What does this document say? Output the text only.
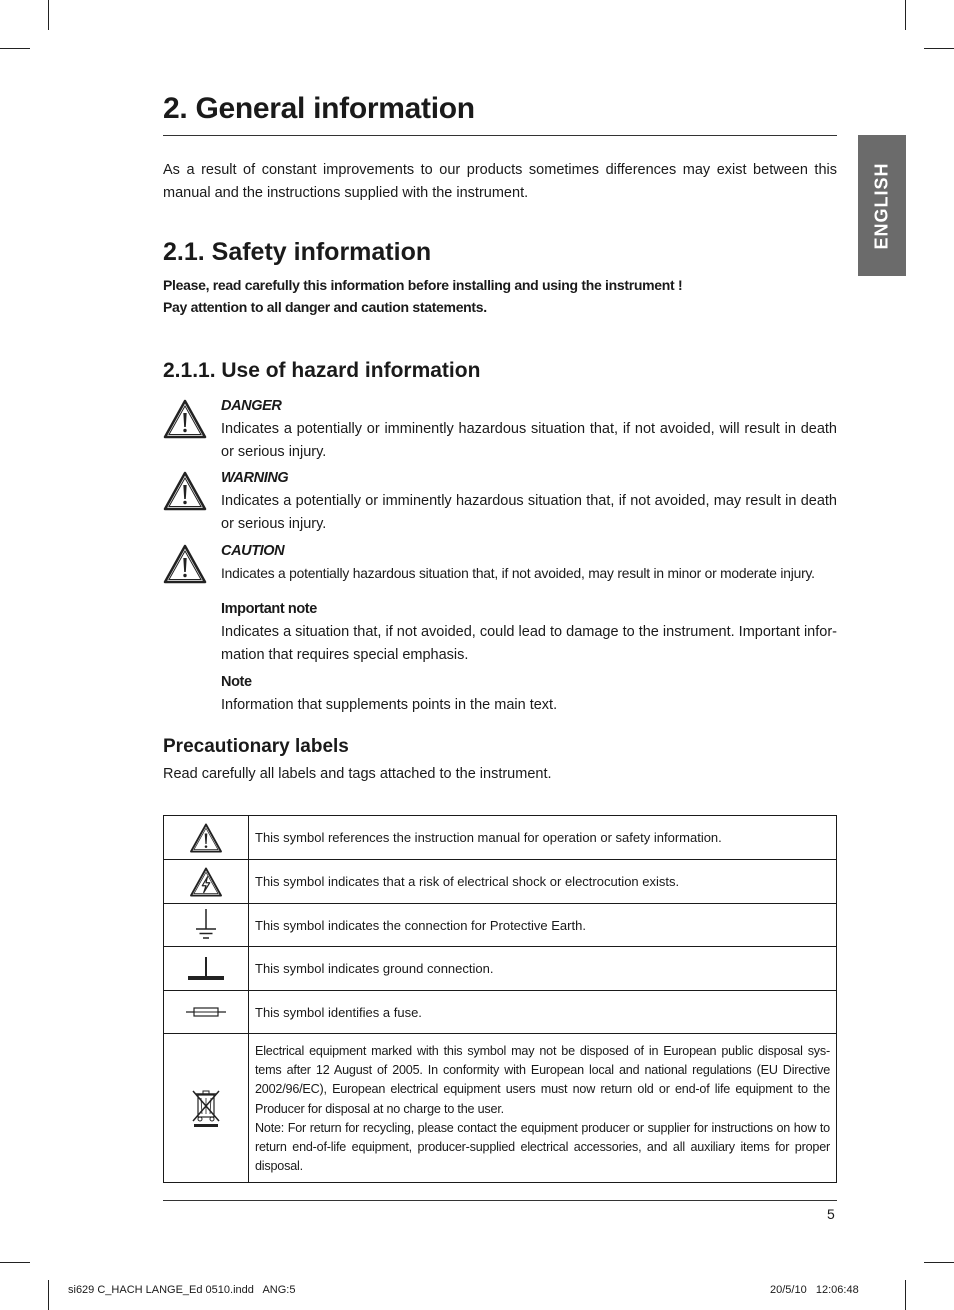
ENGLISH
2. General information
As a result of constant improvements to our products sometimes differences may exist between this manual and the instructions supplied with the instrument.
2.1. Safety information
Please, read carefully this information before installing and using the instrument !
Pay attention to all danger and caution statements.
2.1.1. Use of hazard information
DANGER
Indicates a potentially or imminently hazardous situation that, if not avoided, will result in death or serious injury.
WARNING
Indicates a potentially or imminently hazardous situation that, if not avoided, may result in death or serious injury.
CAUTION
Indicates a potentially hazardous situation that, if not avoided, may result in minor or moderate injury.
Important note
Indicates a situation that, if not avoided, could lead to damage to the instrument. Important infor-mation that requires special emphasis.
Note
Information that supplements points in the main text.
Precautionary labels
Read carefully all labels and tags attached to the instrument.
	This symbol references the instruction manual for operation or safety information.

	This symbol indicates that a risk of electrical shock or electrocution exists.

	This symbol indicates the connection for Protective Earth.

	This symbol indicates ground connection.

	This symbol identifies a fuse.

Electrical equipment marked with this symbol may not be disposed of in European public disposal sys-tems after 12 August of 2005. In conformity with European local and national regulations (EU Directive 2002/96/EC), European electrical equipment users must now return old or end-of life equipment to the Producer for disposal at no charge to the user.
Note: For return for recycling, please contact the equipment producer or supplier for instructions on how to return end-of-life equipment, producer-supplied electrical accessories, and all auxiliary items for proper disposal.
5
si629 C_HACH LANGE_Ed 0510.indd   ANG:5	20/5/10   12:06:48
